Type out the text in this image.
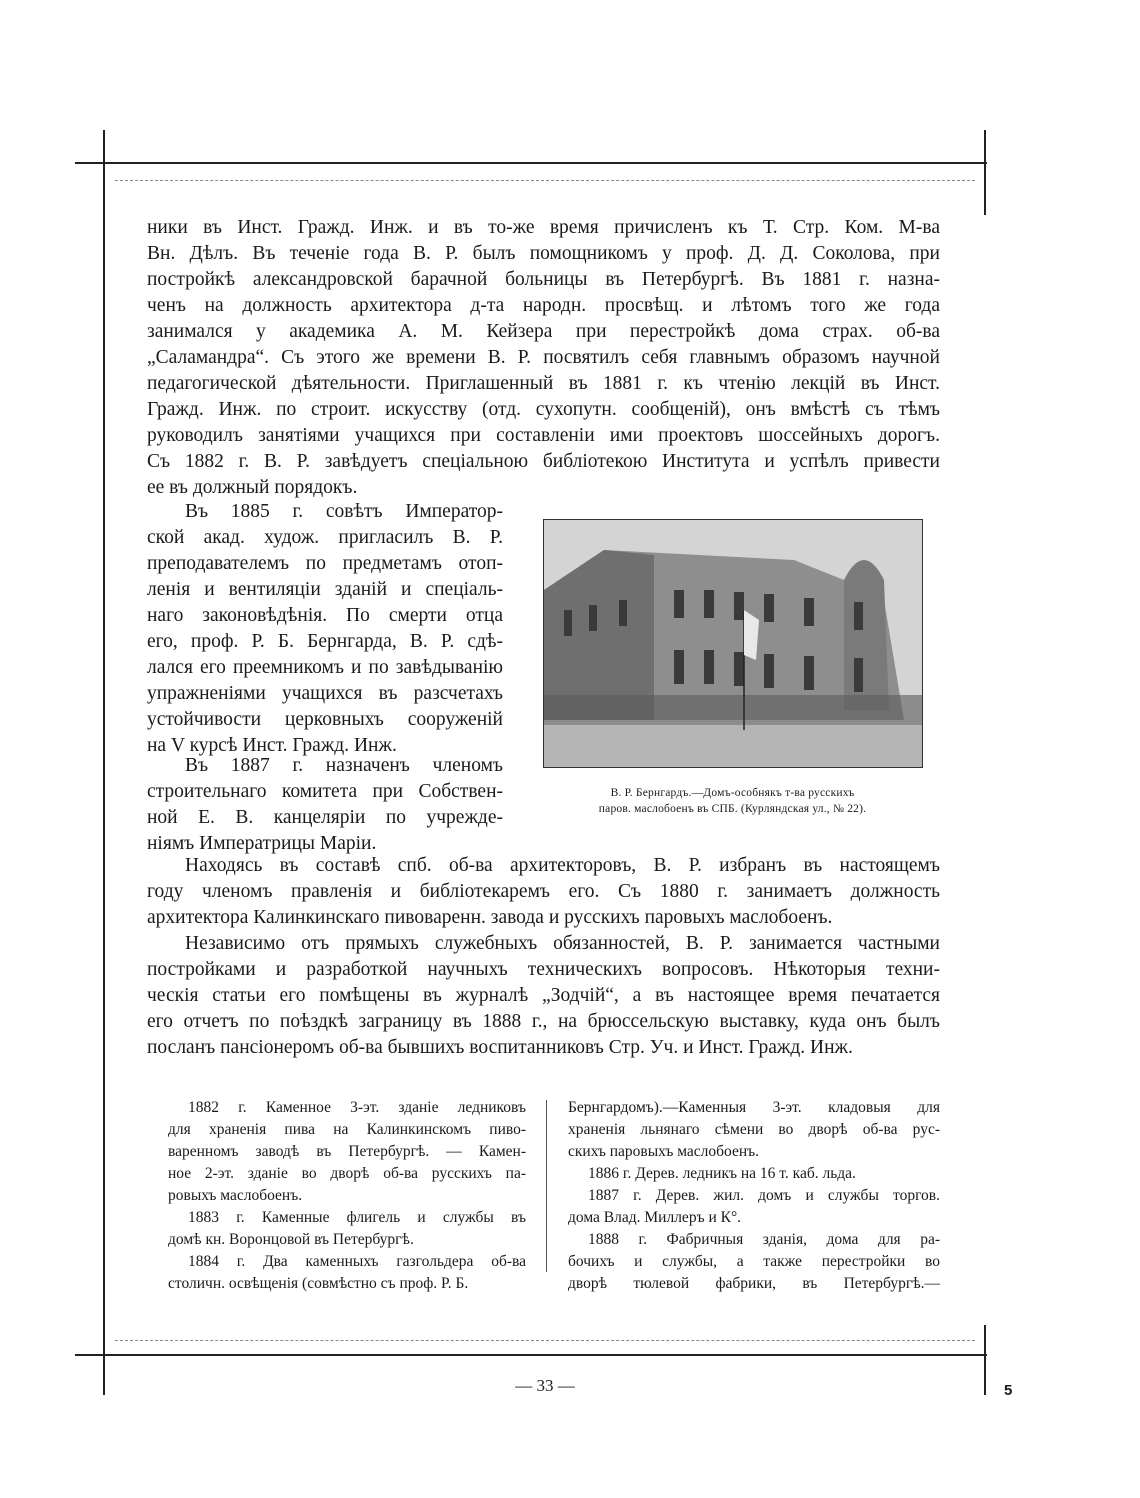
ники въ Инст. Гражд. Инж. и въ то-же время причисленъ къ Т. Стр. Ком. М-ва
Вн. Дѣлъ. Въ теченіе года В. Р. былъ помощникомъ у проф. Д. Д. Соколова, при
постройкѣ александровской барачной больницы въ Петербургѣ. Въ 1881 г. назна-
ченъ на должность архитектора д-та народн. просвѣщ. и лѣтомъ того же года
занимался у академика А. М. Кейзера при перестройкѣ дома страх. об-ва
„Саламандра“. Съ этого же времени В. Р. посвятилъ себя главнымъ образомъ научной
педагогической дѣятельности. Приглашенный въ 1881 г. къ чтенію лекцій въ Инст.
Гражд. Инж. по строит. искусству (отд. сухопутн. сообщеній), онъ вмѣстѣ съ тѣмъ
руководилъ занятіями учащихся при составленіи ими проектовъ шоссейныхъ дорогъ.
Съ 1882 г. В. Р. завѣдуетъ спеціальною библіотекою Института и успѣлъ привести
ее въ должный порядокъ.
Въ 1885 г. совѣтъ Император-
ской акад. худож. пригласилъ В. Р.
преподавателемъ по предметамъ отоп-
ленія и вентиляціи зданій и спеціаль-
наго законовѣдѣнія. По смерти отца
его, проф. Р. Б. Бернгарда, В. Р. сдѣ-
лался его преемникомъ и по завѣдыванію
упражненіями учащихся въ разсчетахъ
устойчивости церковныхъ сооруженій
на V курсѣ Инст. Гражд. Инж.
Въ 1887 г. назначенъ членомъ
строительнаго комитета при Собствен-
ной Е. В. канцеляріи по учрежде-
ніямъ Императрицы Маріи.
В. Р. Бернгардъ.—Домъ-особнякъ т-ва русскихъ
паров. маслобоенъ въ СПБ. (Курляндская ул., № 22).
Находясь въ составѣ спб. об-ва архитекторовъ, В. Р. избранъ въ настоящемъ
году членомъ правленія и библіотекаремъ его. Съ 1880 г. занимаетъ должность
архитектора Калинкинскаго пивоваренн. завода и русскихъ паровыхъ маслобоенъ.
Независимо отъ прямыхъ служебныхъ обязанностей, В. Р. занимается частными
постройками и разработкой научныхъ техническихъ вопросовъ. Нѣкоторыя техни-
ческія статьи его помѣщены въ журналѣ „Зодчій“, а въ настоящее время печатается
его отчетъ по поѣздкѣ заграницу въ 1888 г., на брюссельскую выставку, куда онъ былъ
посланъ пансіонеромъ об-ва бывшихъ воспитанниковъ Стр. Уч. и Инст. Гражд. Инж.
1882 г. Каменное 3-эт. зданіе ледниковъ
для храненія пива на Калинкинскомъ пиво-
варенномъ заводѣ въ Петербургѣ. — Камен-
ное 2-эт. зданіе во дворѣ об-ва русскихъ па-
ровыхъ маслобоенъ.
1883 г. Каменные флигель и службы въ
домѣ кн. Воронцовой въ Петербургѣ.
1884 г. Два каменныхъ газгольдера об-ва
столичн. освѣщенія (совмѣстно съ проф. Р. Б.
Бернгардомъ).—Каменныя 3-эт. кладовыя для
храненія льнянаго сѣмени во дворѣ об-ва рус-
скихъ паровыхъ маслобоенъ.
1886 г. Дерев. ледникъ на 16 т. каб. льда.
1887 г. Дерев. жил. домъ и службы торгов.
дома Влад. Миллеръ и К°.
1888 г. Фабричныя зданія, дома для ра-
бочихъ и службы, а также перестройки во
дворѣ тюлевой фабрики, въ Петербургѣ.—
— 33 —	5
